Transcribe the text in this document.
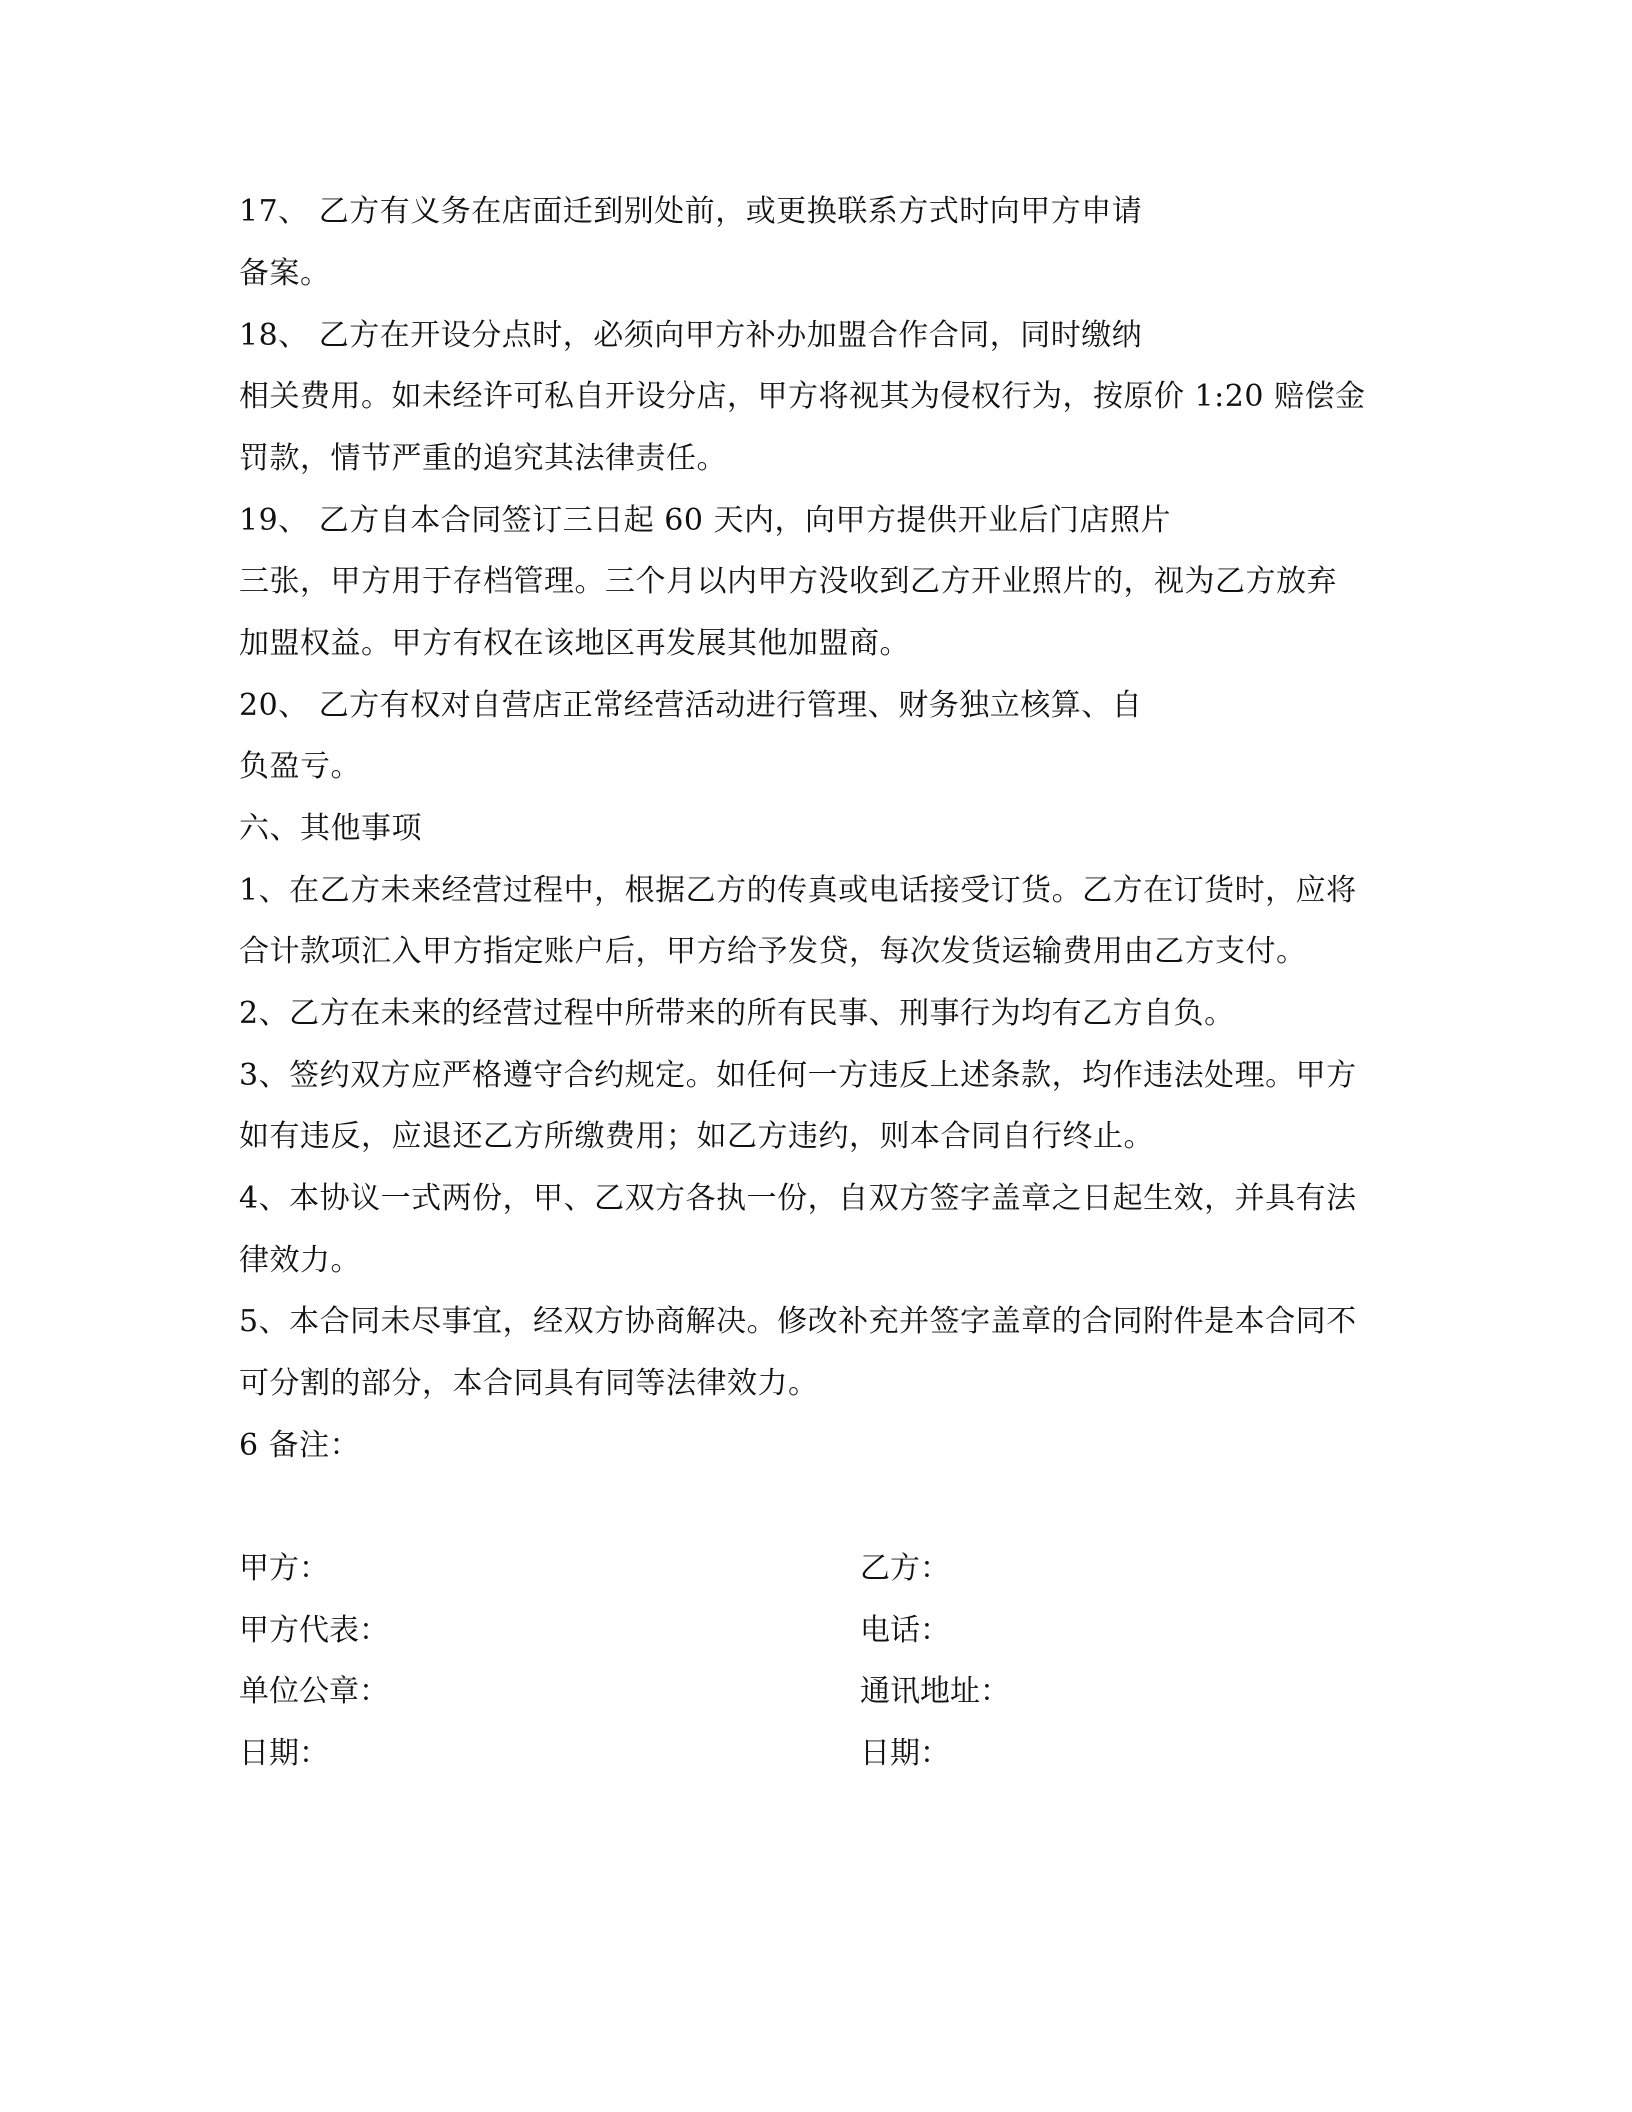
17、 乙方有义务在店面迁到别处前，或更换联系方式时向甲方申请
备案。
18、 乙方在开设分点时，必须向甲方补办加盟合作合同，同时缴纳
相关费用。如未经许可私自开设分店，甲方将视其为侵权行为，按原价 1:20 赔偿金
罚款，情节严重的追究其法律责任。
19、 乙方自本合同签订三日起 60 天内，向甲方提供开业后门店照片
三张，甲方用于存档管理。三个月以内甲方没收到乙方开业照片的，视为乙方放弃
加盟权益。甲方有权在该地区再发展其他加盟商。
20、 乙方有权对自营店正常经营活动进行管理、财务独立核算、自
负盈亏。
六、其他事项
1、在乙方未来经营过程中，根据乙方的传真或电话接受订货。乙方在订货时，应将
合计款项汇入甲方指定账户后，甲方给予发贷，每次发货运输费用由乙方支付。
2、乙方在未来的经营过程中所带来的所有民事、刑事行为均有乙方自负。
3、签约双方应严格遵守合约规定。如任何一方违反上述条款，均作违法处理。甲方
如有违反，应退还乙方所缴费用；如乙方违约，则本合同自行终止。
4、本协议一式两份，甲、乙双方各执一份，自双方签字盖章之日起生效，并具有法
律效力。
5、本合同未尽事宜，经双方协商解决。修改补充并签字盖章的合同附件是本合同不
可分割的部分，本合同具有同等法律效力。
6 备注：
甲方：	乙方：
甲方代表：	电话：
单位公章：	通讯地址：
日期：	日期：
